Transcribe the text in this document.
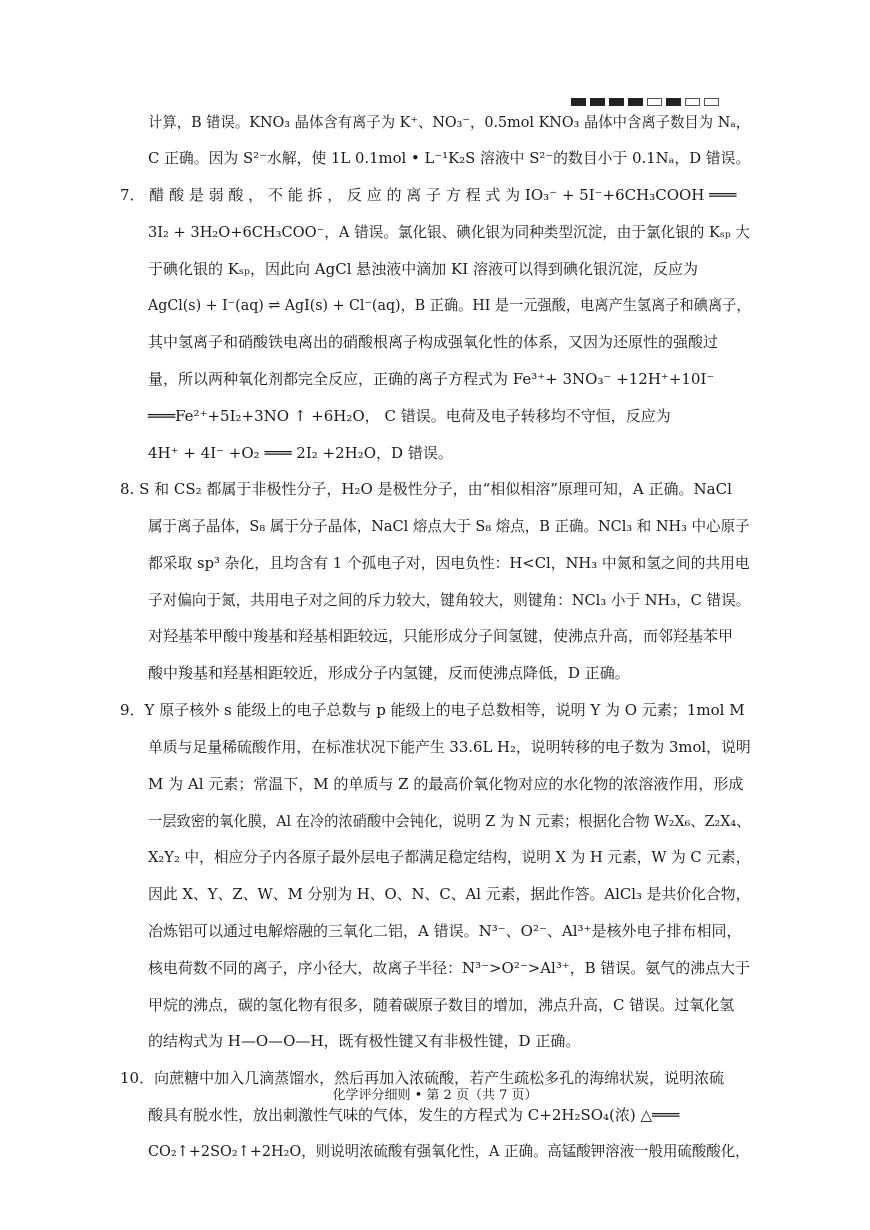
计算，B 错误。KNO₃ 晶体含有离子为 K⁺、NO₃⁻，0.5mol KNO₃ 晶体中含离子数目为 Nₐ，
C 正确。因为 S²⁻水解，使 1L 0.1mol • L⁻¹K₂S 溶液中 S²⁻的数目小于 0.1Nₐ，D 错误。
7． 醋 酸 是 弱 酸 ， 不 能 拆 ， 反 应 的 离 子 方 程 式 为 IO₃⁻ + 5I⁻+6CH₃COOH ═══
3I₂ + 3H₂O+6CH₃COO⁻，A 错误。氯化银、碘化银为同种类型沉淀，由于氯化银的 Kₛₚ 大
于碘化银的 Kₛₚ，因此向 AgCl 悬浊液中滴加 KI 溶液可以得到碘化银沉淀，反应为
AgCl(s) + I⁻(aq) ⇌ AgI(s) + Cl⁻(aq)，B 正确。HI 是一元强酸，电离产生氢离子和碘离子，
其中氢离子和硝酸铁电离出的硝酸根离子构成强氧化性的体系，又因为还原性的强酸过
量，所以两种氧化剂都完全反应，正确的离子方程式为 Fe³⁺+ 3NO₃⁻ +12H⁺+10I⁻
═══Fe²⁺+5I₂+3NO ↑ +6H₂O， C 错误。电荷及电子转移均不守恒，反应为
4H⁺ + 4I⁻ +O₂ ═══ 2I₂ +2H₂O，D 错误。
8. S 和 CS₂ 都属于非极性分子，H₂O 是极性分子，由“相似相溶”原理可知，A 正确。NaCl
属于离子晶体，S₈ 属于分子晶体，NaCl 熔点大于 S₈ 熔点，B 正确。NCl₃ 和 NH₃ 中心原子
都采取 sp³ 杂化，且均含有 1 个孤电子对，因电负性：H<Cl，NH₃ 中氮和氢之间的共用电
子对偏向于氮，共用电子对之间的斥力较大，键角较大，则键角：NCl₃ 小于 NH₃，C 错误。
对羟基苯甲酸中羧基和羟基相距较远，只能形成分子间氢键，使沸点升高，而邻羟基苯甲
酸中羧基和羟基相距较近，形成分子内氢键，反而使沸点降低，D 正确。
9．Y 原子核外 s 能级上的电子总数与 p 能级上的电子总数相等，说明 Y 为 O 元素；1mol M
单质与足量稀硫酸作用，在标准状况下能产生 33.6L H₂，说明转移的电子数为 3mol，说明
M 为 Al 元素；常温下，M 的单质与 Z 的最高价氧化物对应的水化物的浓溶液作用，形成
一层致密的氧化膜，Al 在冷的浓硝酸中会钝化，说明 Z 为 N 元素；根据化合物 W₂X₆、Z₂X₄、
X₂Y₂ 中，相应分子内各原子最外层电子都满足稳定结构，说明 X 为 H 元素，W 为 C 元素，
因此 X、Y、Z、W、M 分别为 H、O、N、C、Al 元素，据此作答。AlCl₃ 是共价化合物，
冶炼铝可以通过电解熔融的三氧化二铝，A 错误。N³⁻、O²⁻、Al³⁺是核外电子排布相同，
核电荷数不同的离子，序小径大，故离子半径：N³⁻>O²⁻>Al³⁺，B 错误。氨气的沸点大于
甲烷的沸点，碳的氢化物有很多，随着碳原子数目的增加，沸点升高，C 错误。过氧化氢
的结构式为 H—O—O—H，既有极性键又有非极性键，D 正确。
10．向蔗糖中加入几滴蒸馏水，然后再加入浓硫酸，若产生疏松多孔的海绵状炭，说明浓硫
酸具有脱水性，放出刺激性气味的气体，发生的方程式为 C+2H₂SO₄(浓) △═══
CO₂↑+2SO₂↑+2H₂O，则说明浓硫酸有强氧化性，A 正确。高锰酸钾溶液一般用硫酸酸化，
化学评分细则 • 第 2 页（共 7 页）
